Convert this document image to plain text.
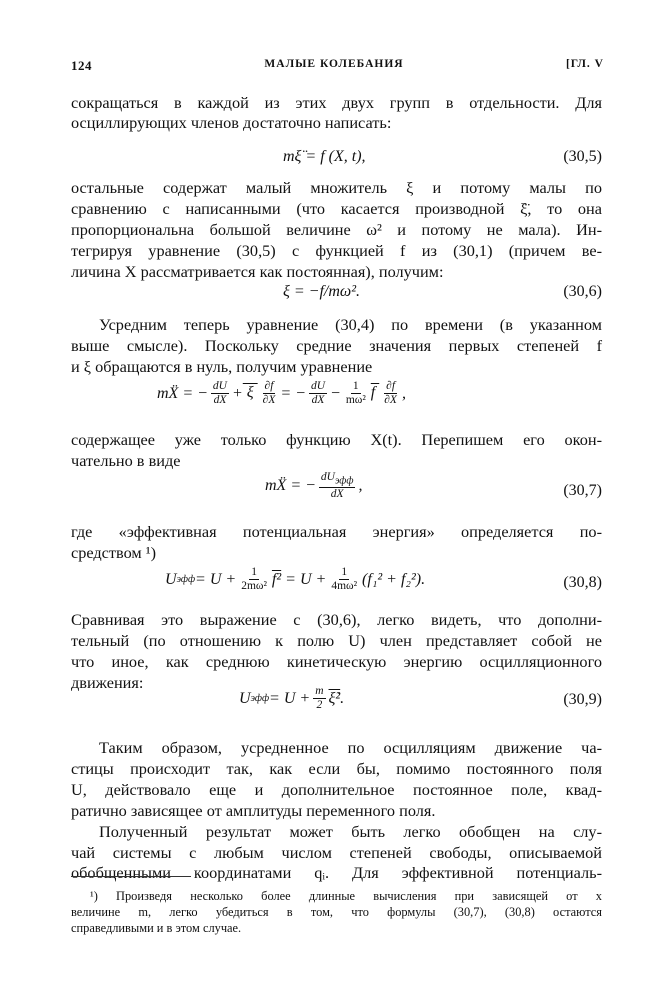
124	МАЛЫЕ КОЛЕБАНИЯ	[ГЛ. V
сокращаться в каждой из этих двух групп в отдельности. Для
осциллирующих членов достаточно написать:
mξ̈ = f (X, t),	(30,5)
остальные содержат малый множитель ξ и потому малы по
сравнению с написанными (что касается производной ξ̈, то она
пропорциональна большой величине ω² и потому не мала). Ин-
тегрируя уравнение (30,5) с функцией f из (30,1) (причем ве-
личина X рассматривается как постоянная), получим:
ξ = −f/mω².	(30,6)
Усредним теперь уравнение (30,4) по времени (в указанном
выше смысле). Поскольку средние значения первых степеней f
и ξ обращаются в нуль, получим уравнение
mẌ = − $\frac{dU}{dX} + \xi \frac{\partial f}{\partial X}$ = − $\frac{dU}{dX} - \frac{1}{\text{mω²}}$ f $\frac{\partial f}{\partial X}$ ,
содержащее уже только функцию X(t). Перепишем его окон-
чательно в виде
mẌ = − $\frac{dU_{эфф}}{dX}$ ,	(30,7)
где «эффективная потенциальная энергия» определяется по-
средством ¹)
U эфф = $U + \frac{1}{\text{2mω²}} f^2 = U + \frac{1}{\text{4mω²}} (f_1^2 + f_2^2)$.	(30,8)
Сравнивая это выражение с (30,6), легко видеть, что дополни-
тельный (по отношению к полю U) член представляет собой не
что иное, как среднюю кинетическую энергию осцилляционного
движения:
U эфф = $U + \frac{m}{2}$ ξ̇² .	(30,9)
Таким образом, усредненное по осцилляциям движение ча-
стицы происходит так, как если бы, помимо постоянного поля
U, действовало еще и дополнительное постоянное поле, квад-
ратично зависящее от амплитуды переменного поля.
Полученный результат может быть легко обобщен на слу-
чай системы с любым числом степеней свободы, описываемой
обобщенными координатами qᵢ. Для эффективной потенциаль-
¹) Произведя несколько более длинные вычисления при зависящей от x
величине m, легко убедиться в том, что формулы (30,7), (30,8) остаются
справедливыми и в этом случае.
